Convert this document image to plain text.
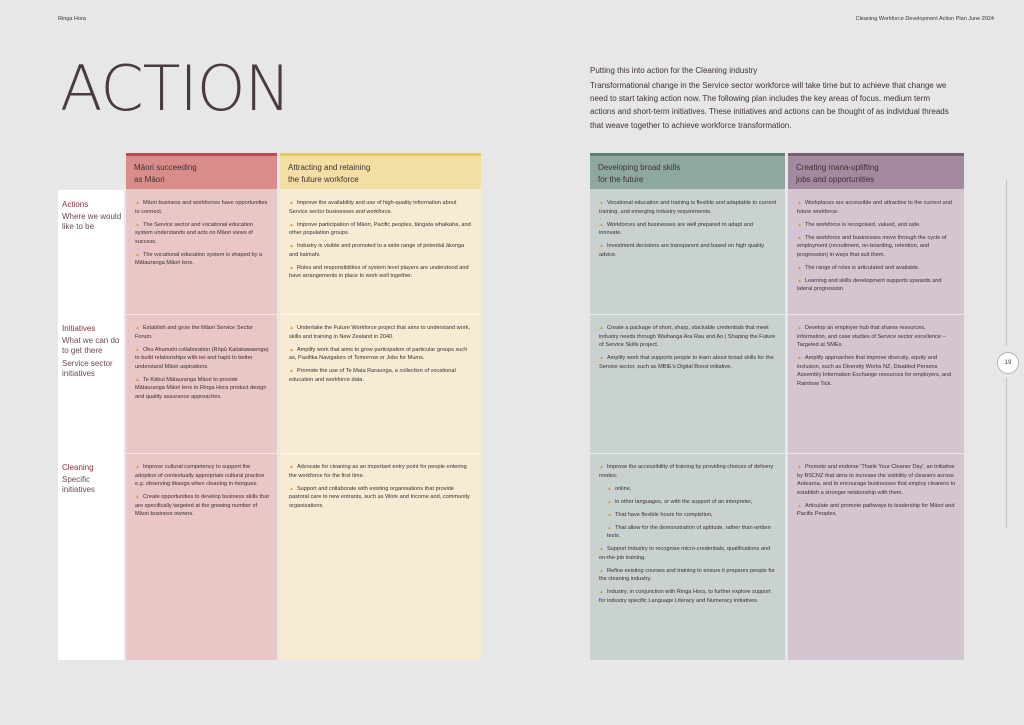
Ringa Hora	Cleaning Workforce Development Action Plan June 2024
ACTION	Putting this into action for the Cleaning industry
Transformational change in the Service sector workforce will take time but to achieve that change we need to start taking action now. The following plan includes the key areas of focus, medium term actions and short-term initiatives. These initiatives and actions can be thought of as individual threads that weave together to achieve workforce transformation.
Actions
Where we would like to be
Initiatives
What we can do to get there
Service sector initiatives
Cleaning
Specific initiatives
Māori succeeding
as Māori
▲ Māori business and workforces have opportunities to connect.
▲ The Service sector and vocational education system understands and acts on Māori views of success.
▲ The vocational education system is shaped by a Mātauranga Māori lens.
▲ Establish and grow the Māori Service Sector Forum.
▲ Ohu Ahumahi collaboration (Rōpū Kaitakawaenga) to build relationships with iwi and hapū to better understand Māori aspirations.
▲ Te Kāhui Mātauranga Māori to provide Mātauranga Māori lens to Ringa Hora product design and quality assurance approaches.
▲ Improve cultural competency to support the adoption of contextually appropriate cultural practice e.g. observing tikanga when cleaning in morgues.
▲ Create opportunities to develop business skills that are specifically targeted at the growing number of Māori business owners.
Attracting and retaining
the future workforce
▲ Improve the availability and use of high-quality information about Service sector businesses and workforce.
▲ Improve participation of Māori, Pacific peoples, tāngata whaikaha, and other population groups.
▲ Industry is visible and promoted to a wide range of potential ākonga and kaimahi.
▲ Roles and responsibilities of system level players are understood and have arrangements in place to work well together.
▲ Undertake the Future Workforce project that aims to understand work, skills and training in New Zealand in 2040.
▲ Amplify work that aims to grow participation of particular groups such as, Pasifika Navigators of Tomorrow or Jobs for Mums.
▲ Promote the use of Te Mata Raraunga, a collection of vocational education and workforce data.
▲ Advocate for cleaning as an important entry point for people entering the workforce for the first time.
▲ Support and collaborate with existing organisations that provide pastoral care to new entrants, such as Work and Income and, community organisations.
Developing broad skills
for the future
▲ Vocational education and training is flexible and adaptable to current training, and emerging industry requirements.
▲ Workforces and businesses are well prepared to adapt and innovate.
▲ Investment decisions are transparent and based on high quality advice.
▲ Create a package of short, sharp, stackable credentials that meet industry needs through Waihanga Ara Rau and Ao | Shaping the Future of Service Skills project.
▲ Amplify work that supports people to learn about broad skills for the Service sector, such as MBIE's Digital Boost initiative.
▲ Improve the accessibility of training by providing choices of delivery modes:
▲ online,
▲ in other languages, or with the support of an interpreter,
▲ That have flexible hours for completion,
▲ That allow for the demonstration of aptitude, rather than written tests.
▲ Support industry to recognise micro-credentials, qualifications and on-the-job training.
▲ Refine existing courses and training to ensure it prepares people for the cleaning industry.
▲ Industry, in conjunction with Ringa Hora, to further explore support for industry specific Language Literacy and Numeracy initiatives.
Creating mana-uplifting
jobs and opportunities
▲ Workplaces are accessible and attractive to the current and future workforce.
▲ The workforce is recognised, valued, and safe.
▲ The workforce and businesses move through the cycle of employment (recruitment, on-boarding, retention, and progression) in ways that suit them.
▲ The range of roles is articulated and available.
▲ Learning and skills development supports upwards and lateral progression.
▲ Develop an employer hub that shares resources, information, and case studies of Service sector excellence – Targeted at SMEs.
▲ Amplify approaches that improve diversity, equity and inclusion, such as Diversity Works NZ, Disabled Persons Assembly Information Exchange resources for employers, and Rainbow Tick.
▲ Promote and endorse 'Thank Your Cleaner Day', an initiative by BSCNZ that aims to increase the visibility of cleaners across Aotearoa, and to encourage businesses that employ cleaners to establish a stronger relationship with them.
▲ Articulate and promote pathways to leadership for Māori and Pacific Peoples.
19
